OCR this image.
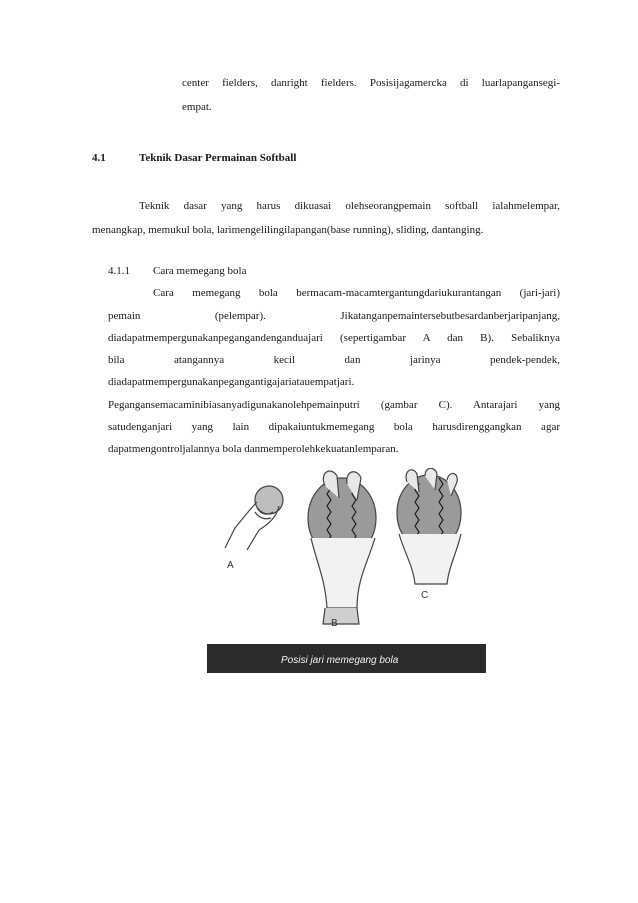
center fielders, danright fielders. Posisijagamercka di luarlapangansegi-
empat.
4.1	Teknik Dasar Permainan Softball
Teknik dasar yang harus dikuasai olehseorangpemain softball ialahmelempar,
menangkap, memukul bola, larimengelilingilapangan(base running), sliding, dantanging.
4.1.1 Cara memegang bola
Cara memegang bola bermacam-macamtergantungdariukurantangan (jari-jari)
pemain (pelempar). Jikatanganpemaintersebutbesardanberjaripanjang,
diadapatmempergunakanpegangandenganduajari (sepertigambar A dan B). Sebaliknya
bila atangannya kecil dan jarinya pendek-pendek,
diadapatmempergunakanpegangantigajariatauempatjari.
Pegangansemacaminibiasanyadigunakanolehpemainputri (gambar C). Antarajari yang
satudenganjari yang lain dipakaiuntukmemegang bola harusdirenggangkan agar
dapatmengontroljalannya bola danmemperolehkekuatanlemparan.
A
B
C
Posisi jari memegang bola
